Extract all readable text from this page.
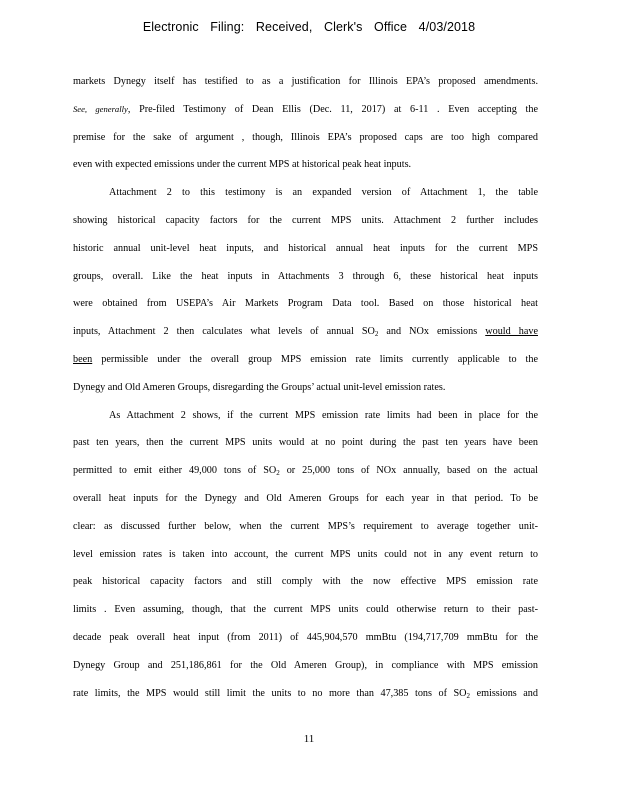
Electronic Filing: Received, Clerk's Office 4/03/2018
markets Dynegy itself has testified to as a justification for Illinois EPA’s proposed amendments.
See, generally, Pre-filed Testimony of Dean Ellis (Dec. 11, 2017) at 6-11 . Even accepting the
premise for the sake of argument , though, Illinois EPA’s proposed caps are too high compared
even with expected emissions under the current MPS at historical peak heat inputs.
Attachment 2 to this testimony is an expanded version of Attachment 1, the table
showing historical capacity factors for the current MPS units. Attachment 2 further includes
historic annual unit-level heat inputs, and historical annual heat inputs for the current MPS
groups, overall. Like the heat inputs in Attachments 3 through 6, these historical heat inputs
were obtained from USEPA’s Air Markets Program Data tool. Based on those historical heat
inputs, Attachment 2 then calculates what levels of annual $SO_2$ and NOx emissions would have
been permissible under the overall group MPS emission rate limits currently applicable to the
Dynegy and Old Ameren Groups, disregarding the Groups’ actual unit-level emission rates.
As Attachment 2 shows, if the current MPS emission rate limits had been in place for the
past ten years, then the current MPS units would at no point during the past ten years have been
permitted to emit either 49,000 tons of $SO_2$ or 25,000 tons of NOx annually, based on the actual
overall heat inputs for the Dynegy and Old Ameren Groups for each year in that period. To be
clear: as discussed further below, when the current MPS’s requirement to average together unit-
level emission rates is taken into account, the current MPS units could not in any event return to
peak historical capacity factors and still comply with the now effective MPS emission rate
limits . Even assuming, though, that the current MPS units could otherwise return to their past-
decade peak overall heat input (from 2011) of 445,904,570 mmBtu (194,717,709 mmBtu for the
Dynegy Group and 251,186,861 for the Old Ameren Group), in compliance with MPS emission
rate limits, the MPS would still limit the units to no more than 47,385 tons of $SO_2$ emissions and
11
